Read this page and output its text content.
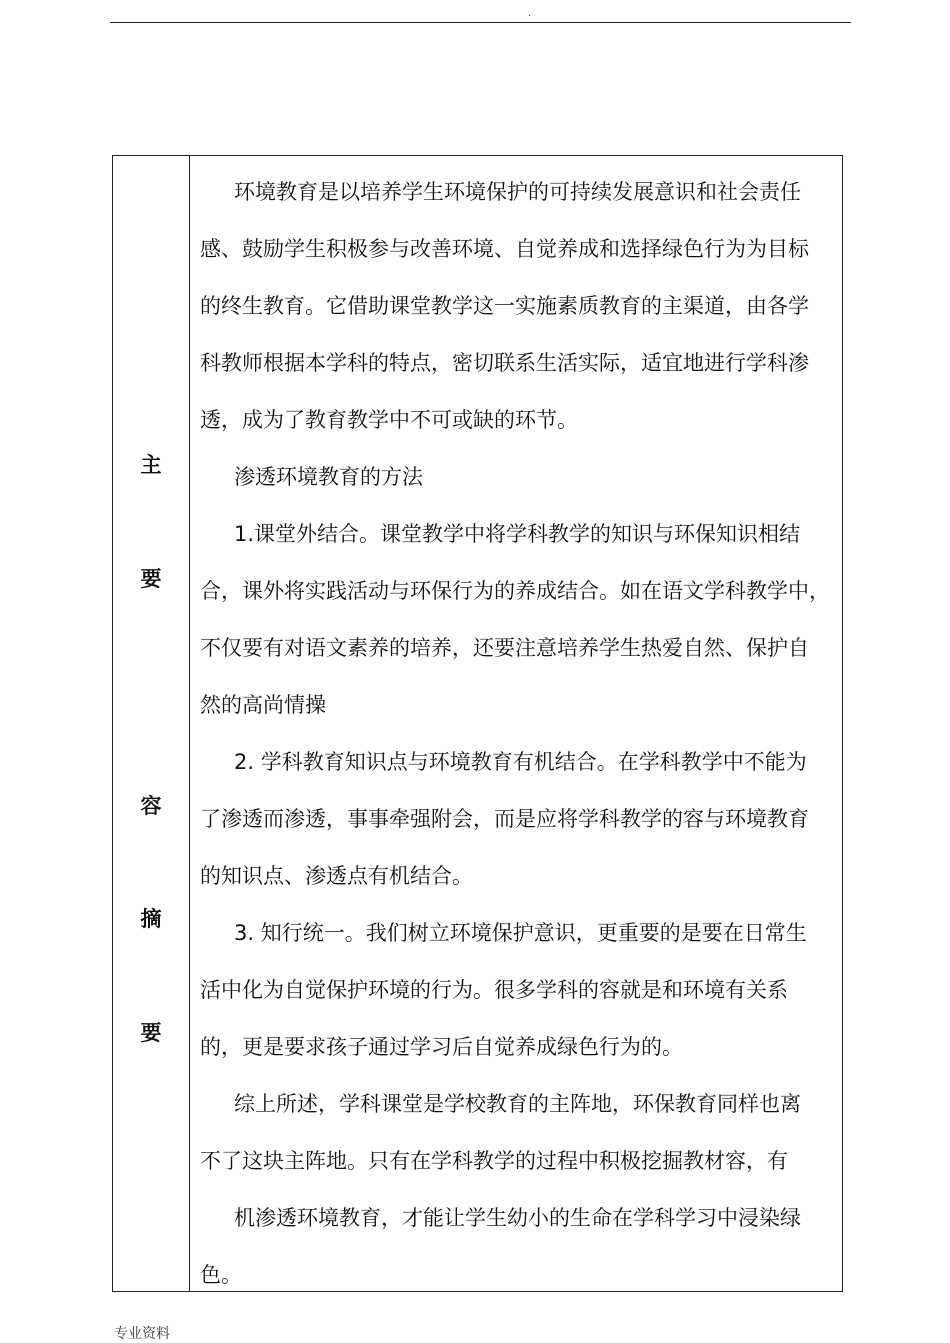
.
主
要
容
摘
要
环境教育是以培养学生环境保护的可持续发展意识和社会责任
感、鼓励学生积极参与改善环境、自觉养成和选择绿色行为为目标
的终生教育。它借助课堂教学这一实施素质教育的主渠道，由各学
科教师根据本学科的特点，密切联系生活实际，适宜地进行学科渗
透，成为了教育教学中不可或缺的环节。
渗透环境教育的方法
1.课堂外结合。课堂教学中将学科教学的知识与环保知识相结
合，课外将实践活动与环保行为的养成结合。如在语文学科教学中，
不仅要有对语文素养的培养，还要注意培养学生热爱自然、保护自
然的高尚情操
2. 学科教育知识点与环境教育有机结合。在学科教学中不能为
了渗透而渗透，事事牵强附会，而是应将学科教学的容与环境教育
的知识点、渗透点有机结合。
3. 知行统一。我们树立环境保护意识，更重要的是要在日常生
活中化为自觉保护环境的行为。很多学科的容就是和环境有关系
的，更是要求孩子通过学习后自觉养成绿色行为的。
综上所述，学科课堂是学校教育的主阵地，环保教育同样也离
不了这块主阵地。只有在学科教学的过程中积极挖掘教材容，有
机渗透环境教育，才能让学生幼小的生命在学科学习中浸染绿
色。
专业资料
